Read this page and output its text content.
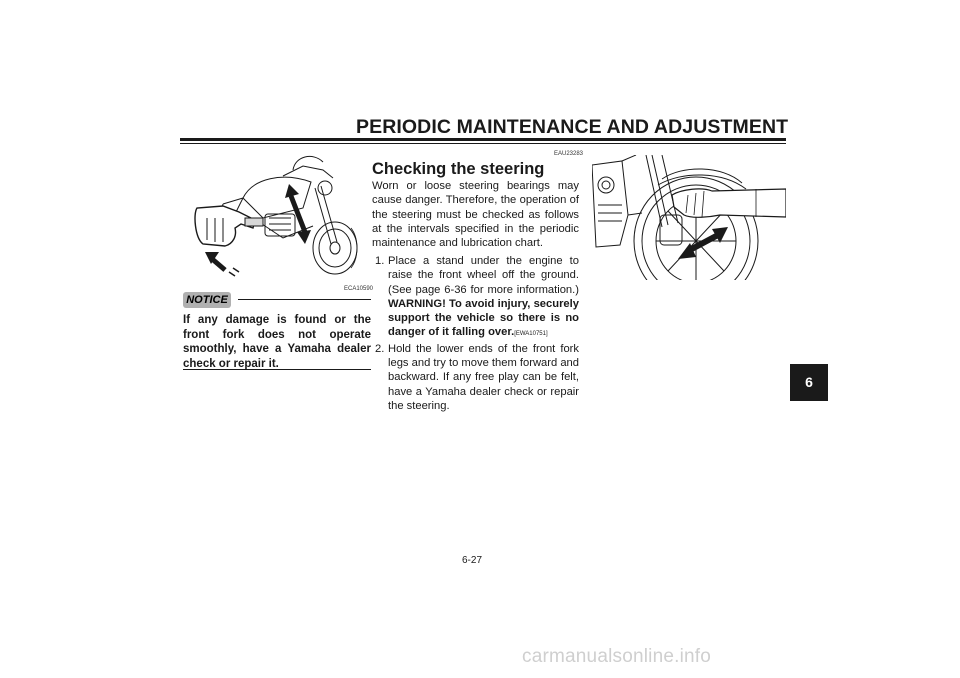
PERIODIC MAINTENANCE AND ADJUSTMENT
ECA10590
NOTICE
If any damage is found or the front fork does not operate smoothly, have a Yamaha dealer check or repair it.
EAU23283
Checking the steering
Worn or loose steering bearings may cause danger. Therefore, the operation of the steering must be checked as follows at the intervals specified in the periodic maintenance and lubrication chart.
1. Place a stand under the engine to raise the front wheel off the ground. (See page 6-36 for more information.) WARNING! To avoid injury, securely support the vehicle so there is no danger of it falling over.[EWA10751]
2. Hold the lower ends of the front fork legs and try to move them forward and backward. If any free play can be felt, have a Yamaha dealer check or repair the steering.
6-27
6
carmanualsonline.info
